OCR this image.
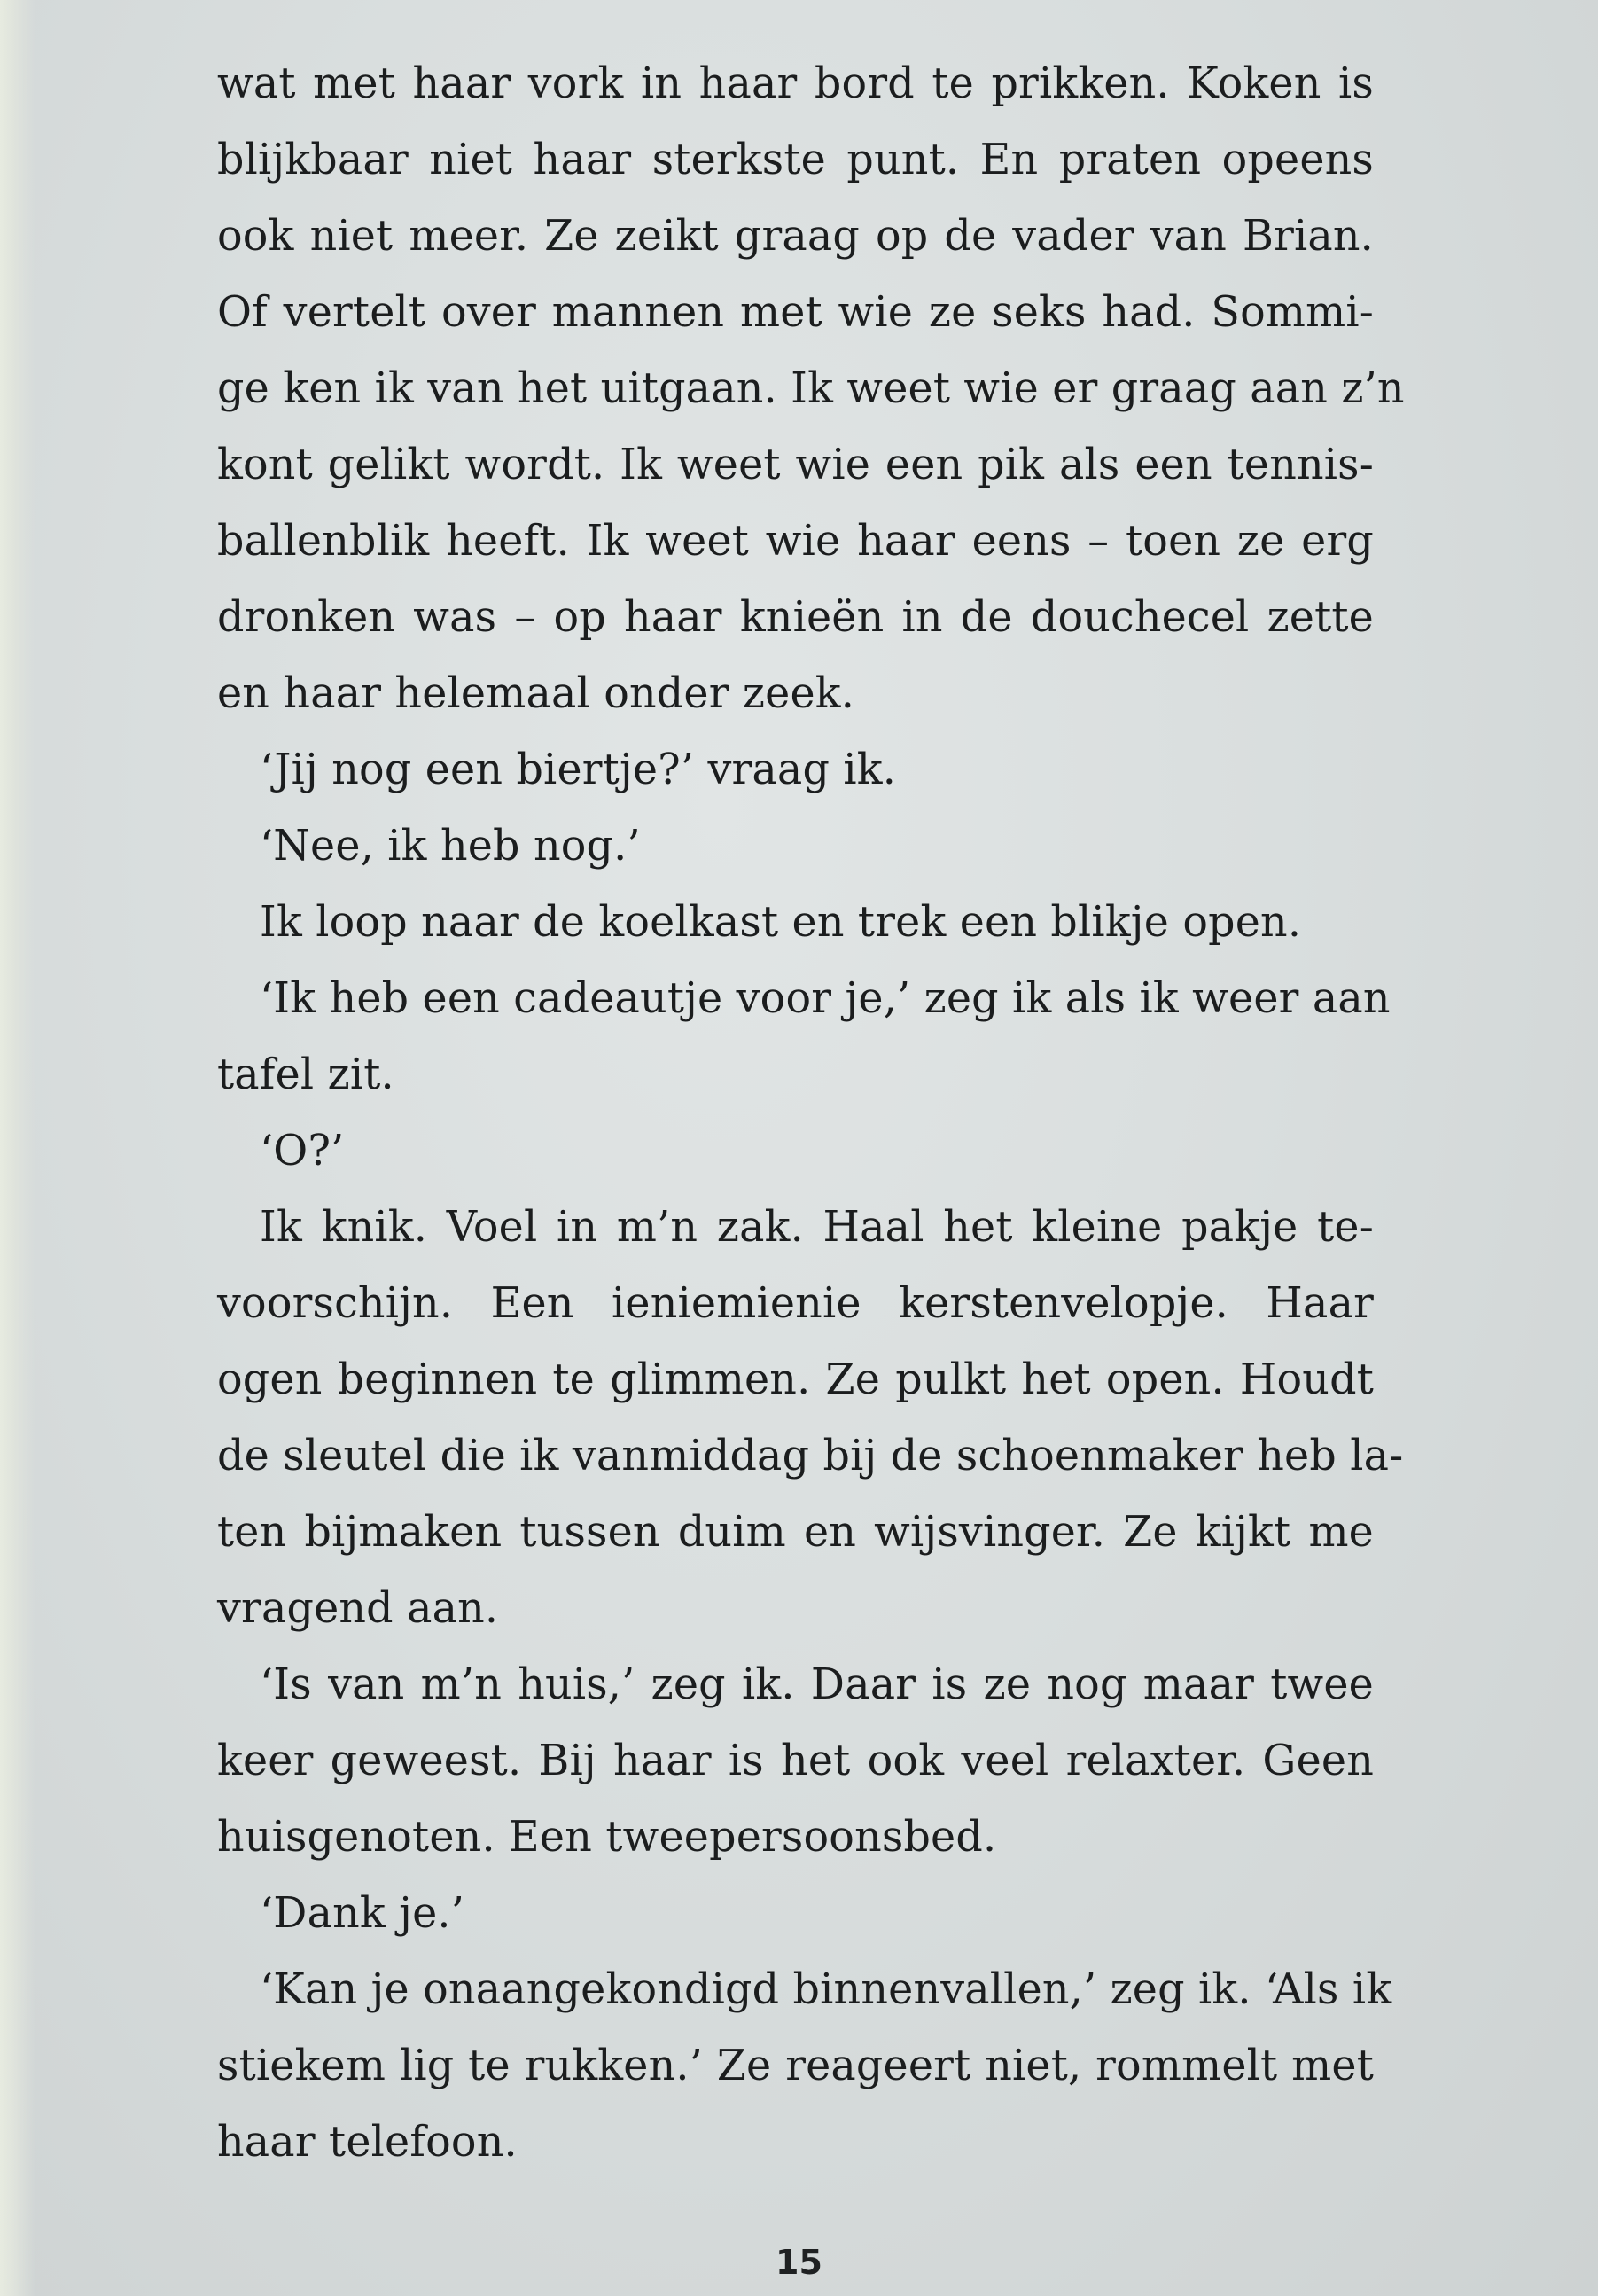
wat met haar vork in haar bord te prikken. Koken is
blijkbaar niet haar sterkste punt. En praten opeens
ook niet meer. Ze zeikt graag op de vader van Brian.
Of vertelt over mannen met wie ze seks had. Sommi-
ge ken ik van het uitgaan. Ik weet wie er graag aan z’n
kont gelikt wordt. Ik weet wie een pik als een tennis-
ballenblik heeft. Ik weet wie haar eens – toen ze erg
dronken was – op haar knieën in de douchecel zette
en haar helemaal onder zeek.
‘Jij nog een biertje?’ vraag ik.
‘Nee, ik heb nog.’
Ik loop naar de koelkast en trek een blikje open.
‘Ik heb een cadeautje voor je,’ zeg ik als ik weer aan
tafel zit.
‘O?’
Ik knik. Voel in m’n zak. Haal het kleine pakje te-
voorschijn. Een ieniemienie kerstenvelopje. Haar
ogen beginnen te glimmen. Ze pulkt het open. Houdt
de sleutel die ik vanmiddag bij de schoenmaker heb la-
ten bijmaken tussen duim en wijsvinger. Ze kijkt me
vragend aan.
‘Is van m’n huis,’ zeg ik. Daar is ze nog maar twee
keer geweest. Bij haar is het ook veel relaxter. Geen
huisgenoten. Een tweepersoonsbed.
‘Dank je.’
‘Kan je onaangekondigd binnenvallen,’ zeg ik. ‘Als ik
stiekem lig te rukken.’ Ze reageert niet, rommelt met
haar telefoon.
15
